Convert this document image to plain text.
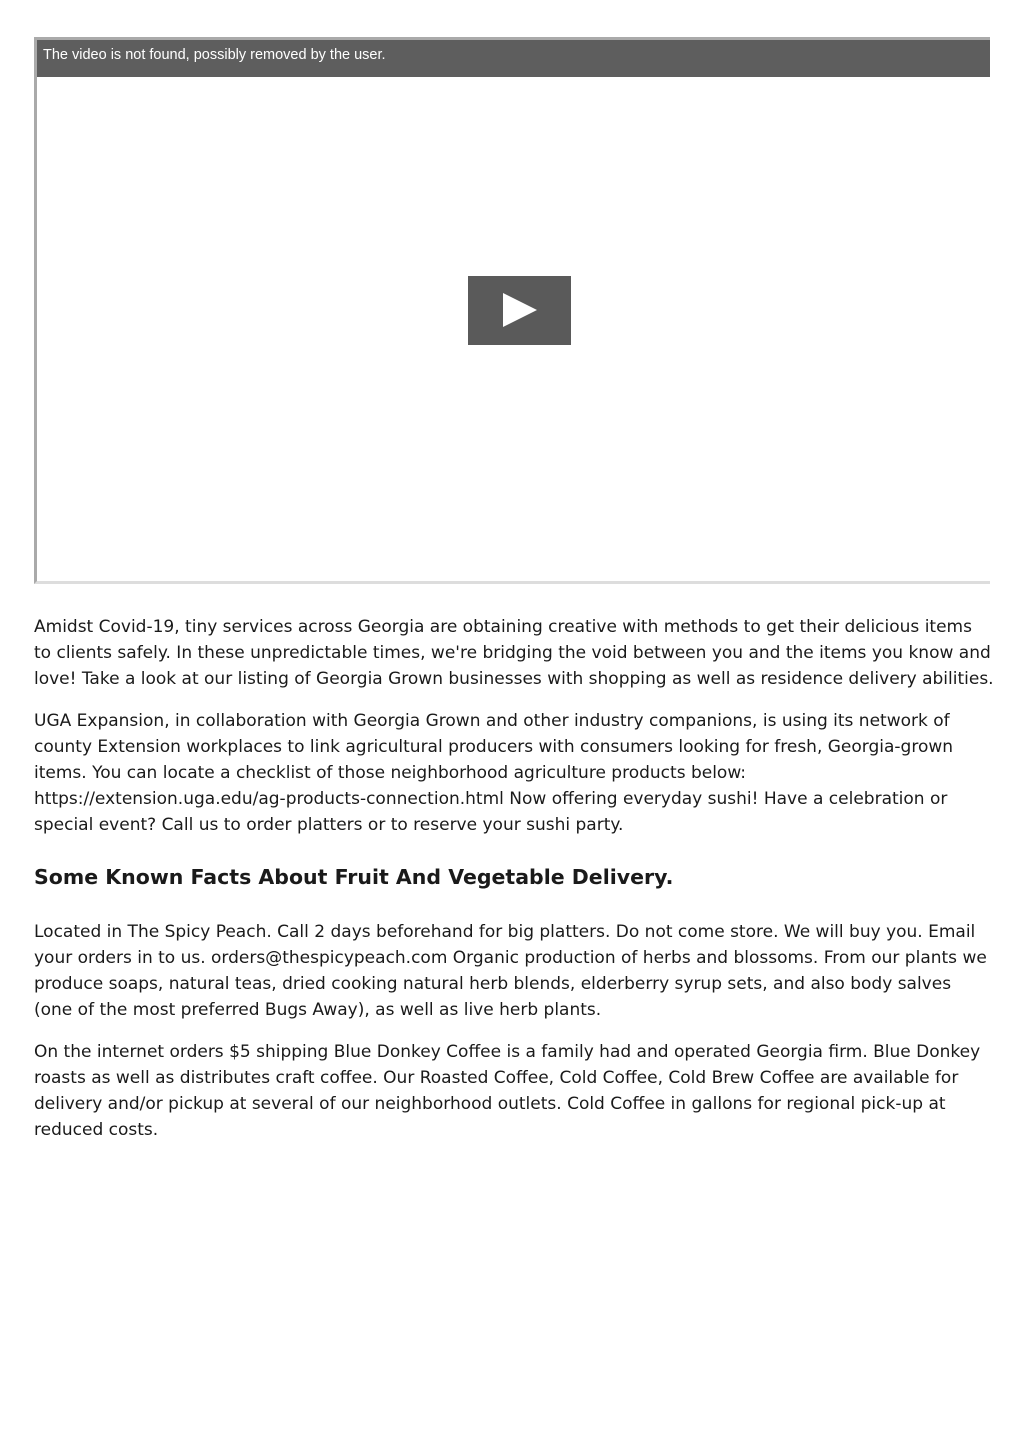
The video is not found, possibly removed by the user.

Amidst Covid-19, tiny services across Georgia are obtaining creative with methods to get their delicious items to clients safely. In these unpredictable times, we're bridging the void between you and the items you know and love! Take a look at our listing of Georgia Grown businesses with shopping as well as residence delivery abilities.

UGA Expansion, in collaboration with Georgia Grown and other industry companions, is using its network of county Extension workplaces to link agricultural producers with consumers looking for fresh, Georgia-grown items. You can locate a checklist of those neighborhood agriculture products below: https://extension.uga.edu/ag-products-connection.html Now offering everyday sushi! Have a celebration or special event? Call us to order platters or to reserve your sushi party.

Some Known Facts About Fruit And Vegetable Delivery.

Located in The Spicy Peach. Call 2 days beforehand for big platters. Do not come store. We will buy you. Email your orders in to us. orders@thespicypeach.com Organic production of herbs and blossoms. From our plants we produce soaps, natural teas, dried cooking natural herb blends, elderberry syrup sets, and also body salves (one of the most preferred Bugs Away), as well as live herb plants.

On the internet orders $5 shipping Blue Donkey Coffee is a family had and operated Georgia firm. Blue Donkey roasts as well as distributes craft coffee. Our Roasted Coffee, Cold Coffee, Cold Brew Coffee are available for delivery and/or pickup at several of our neighborhood outlets. Cold Coffee in gallons for regional pick-up at reduced costs.
